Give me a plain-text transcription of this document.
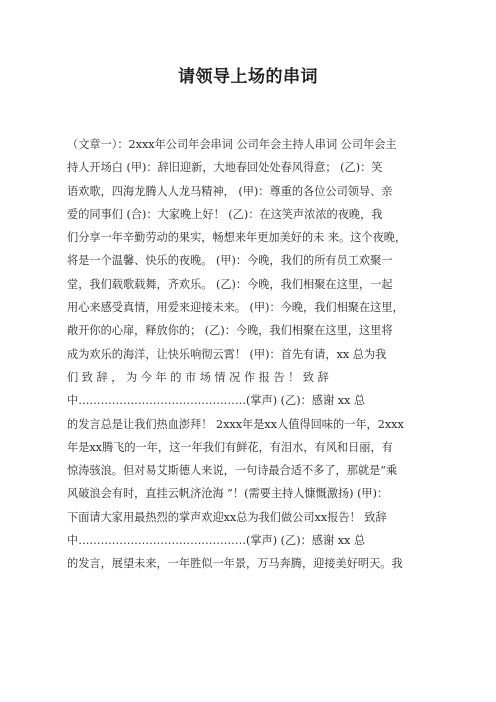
请领导上场的串词
（文章一）：2xxx年公司年会串词 公司年会主持人串词 公司年会主
持人开场白 (甲)：辞旧迎新，大地春回处处春风得意； (乙)：笑
语欢歌，四海龙腾人人龙马精神， (甲)：尊重的各位公司领导、亲
爱的同事们 (合)：大家晚上好！ (乙)：在这笑声浓浓的夜晚，我
们分享一年辛勤劳动的果实，畅想来年更加美好的未 来。这个夜晚，
将是一个温馨、快乐的夜晚。 (甲)：今晚，我们的所有员工欢聚一
堂，我们载歌载舞，齐欢乐。 (乙)：今晚，我们相聚在这里，一起
用心来感受真情，用爱来迎接未来。 (甲)：今晚，我们相聚在这里，
敞开你的心扉，释放你的； (乙)：今晚，我们相聚在这里，这里将
成为欢乐的海洋，让快乐响彻云霄！ (甲)：首先有请，xx 总为我
们 致 辞 ， 为 今 年 的 市 场 情 况 作 报 告 ！ 致 辞
中………………………………………(掌声) (乙)：感谢 xx 总
的发言总是让我们热血澎拜！ 2xxx年是xx人值得回味的一年，2xxx
年是xx腾飞的一年，这一年我们有鲜花，有泪水，有风和日丽，有
惊涛骇浪。但对易艾斯德人来说，一句诗最合适不多了，那就是“乘
风破浪会有时，直挂云帆济沧海 ”！(需要主持人慷慨激扬) (甲)：
下面请大家用最热烈的掌声欢迎xx总为我们做公司xx报告！ 致辞
中………………………………………(掌声) (乙)：感谢 xx 总
的发言，展望未来，一年胜似一年景，万马奔腾，迎接美好明天。我
